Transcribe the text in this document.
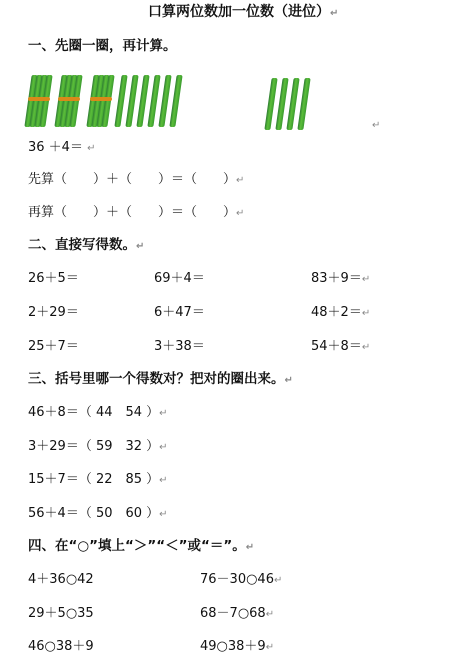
口算两位数加一位数（进位）↵
一、先圈一圈，再计算。
↵
36 ＋4＝ ↵
先算（　　）＋（　　）＝（　　）↵
再算（　　）＋（　　）＝（　　）↵
二、直接写得数。↵
26＋5＝	69＋4＝	83＋9＝↵
2＋29＝	6＋47＝	48＋2＝↵
25＋7＝	3＋38＝	54＋8＝↵
三、括号里哪一个得数对？把对的圈出来。↵
46＋8＝（ 44　54 ）↵
3＋29＝（ 59　32 ）↵
15＋7＝（ 22　85 ）↵
56＋4＝（ 50　60 ）↵
四、在“○”填上“＞”“＜”或“＝”。↵
4＋36○42	76－30○46↵
29＋5○35	68－7○68↵
46○38＋9	49○38＋9↵
